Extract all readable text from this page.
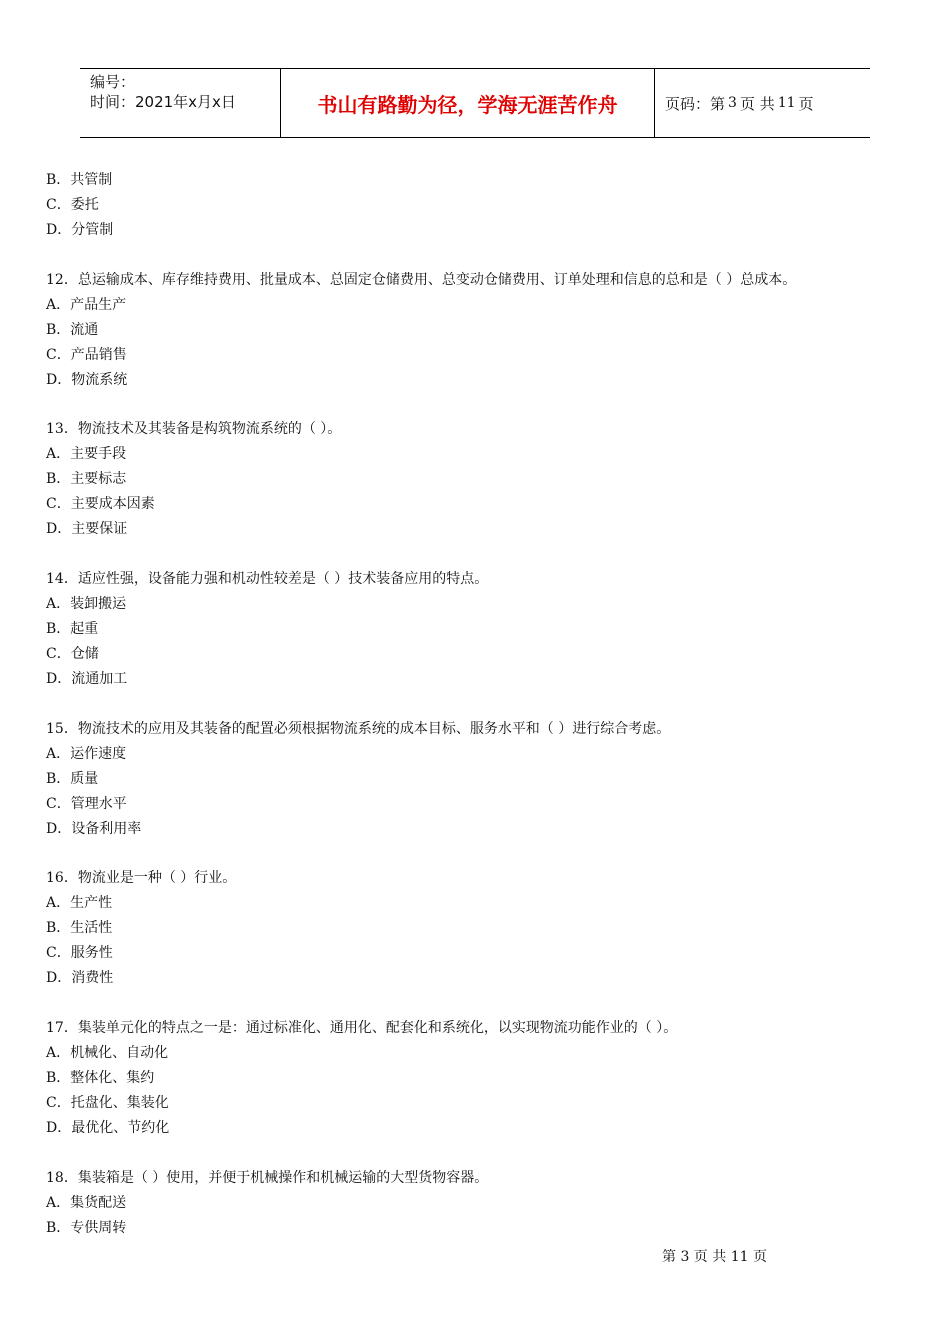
编号：
时间：2021年x月x日	书山有路勤为径，学海无涯苦作舟	页码：第 3 页 共 11 页
B．共管制
C．委托
D．分管制
12．总运输成本、库存维持费用、批量成本、总固定仓储费用、总变动仓储费用、订单处理和信息的总和是（ ）总成本。
A．产品生产
B．流通
C．产品销售
D．物流系统
13．物流技术及其装备是构筑物流系统的（ ）。
A．主要手段
B．主要标志
C．主要成本因素
D．主要保证
14．适应性强，设备能力强和机动性较差是（ ）技术装备应用的特点。
A．装卸搬运
B．起重
C．仓储
D．流通加工
15．物流技术的应用及其装备的配置必须根据物流系统的成本目标、服务水平和（ ）进行综合考虑。
A．运作速度
B．质量
C．管理水平
D．设备利用率
16．物流业是一种（ ）行业。
A．生产性
B．生活性
C．服务性
D．消费性
17．集装单元化的特点之一是：通过标准化、通用化、配套化和系统化，以实现物流功能作业的（ ）。
A．机械化、自动化
B．整体化、集约
C．托盘化、集装化
D．最优化、节约化
18．集装箱是（ ）使用，并便于机械操作和机械运输的大型货物容器。
A．集货配送
B．专供周转
第 3 页 共 11 页
